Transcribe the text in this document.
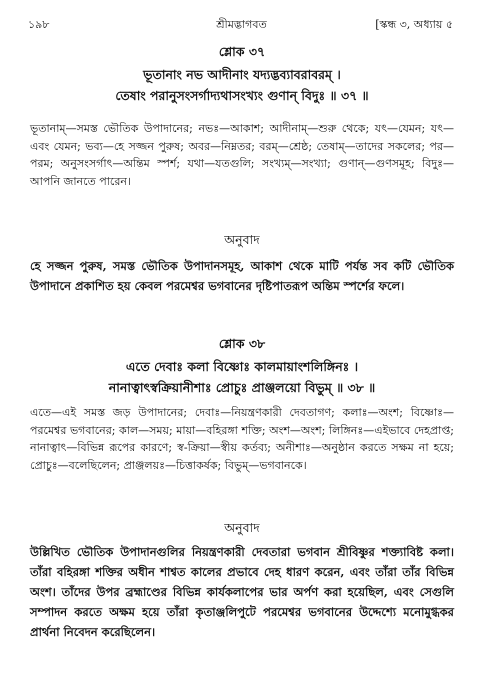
১৯৮	শ্রীমদ্ভাগবত	[স্কন্ধ ৩, অধ্যায় ৫
শ্লোক ৩৭
ভূতানাং নভ আদীনাং যদ্যদ্ভব্যাবরাবরম্ ।
তেষাং পরানুসংসর্গাদ্যথাসংখ্যং গুণান্ বিদুঃ ॥ ৩৭ ॥
ভূতানাম্—সমস্ত ভৌতিক উপাদানের; নভঃ—আকাশ; আদীনাম্—শুরু থেকে; যৎ—যেমন; যৎ—এবং যেমন; ভব্য—হে সজ্জন পুরুষ; অবর—নিম্নতর; বরম্—শ্রেষ্ঠ; তেষাম্—তাদের সকলের; পর—পরম; অনুসংসর্গাৎ—অন্তিম স্পর্শ; যথা—যতগুলি; সংখ্যম্—সংখ্যা; গুণান্—গুণসমূহ; বিদুঃ—আপনি জানতে পারেন।
অনুবাদ
হে সজ্জন পুরুষ, সমস্ত ভৌতিক উপাদানসমূহ, আকাশ থেকে মাটি পর্যন্ত সব কটি ভৌতিক উপাদানে প্রকাশিত হয় কেবল পরমেশ্বর ভগবানের দৃষ্টিপাতরূপ অন্তিম স্পর্শের ফলে।
শ্লোক ৩৮
এতে দেবাঃ কলা বিষ্ণোঃ কালমায়াংশলিঙ্গিনঃ ।
নানাত্বাৎস্বক্রিয়ানীশাঃ প্রোচুঃ প্রাঞ্জলয়ো বিভুম্ ॥ ৩৮ ॥
এতে—এই সমস্ত জড় উপাদানের; দেবাঃ—নিয়ন্ত্রণকারী দেবতাগণ; কলাঃ—অংশ; বিষ্ণোঃ—পরমেশ্বর ভগবানের; কাল—সময়; মায়া—বহিরঙ্গা শক্তি; অংশ—অংশ; লিঙ্গিনঃ—এইভাবে দেহপ্রাপ্ত; নানাত্বাৎ—বিভিন্ন রূপের কারণে; স্ব-ক্রিয়া—স্বীয় কর্তব্য; অনীশাঃ—অনুষ্ঠান করতে সক্ষম না হয়ে; প্রোচুঃ—বলেছিলেন; প্রাঞ্জলয়ঃ—চিত্তাকর্ষক; বিভুম্—ভগবানকে।
অনুবাদ
উল্লিখিত ভৌতিক উপাদানগুলির নিয়ন্ত্রণকারী দেবতারা ভগবান শ্রীবিষ্ণুর শক্ত্যাবিষ্ট কলা। তাঁরা বহিরঙ্গা শক্তির অধীন শাশ্বত কালের প্রভাবে দেহ ধারণ করেন, এবং তাঁরা তাঁর বিভিন্ন অংশ। তাঁদের উপর ব্রহ্মাণ্ডের বিভিন্ন কার্যকলাপের ভার অর্পণ করা হয়েছিল, এবং সেগুলি সম্পাদন করতে অক্ষম হয়ে তাঁরা কৃতাঞ্জলিপুটে পরমেশ্বর ভগবানের উদ্দেশ্যে মনোমুগ্ধকর প্রার্থনা নিবেদন করেছিলেন।
